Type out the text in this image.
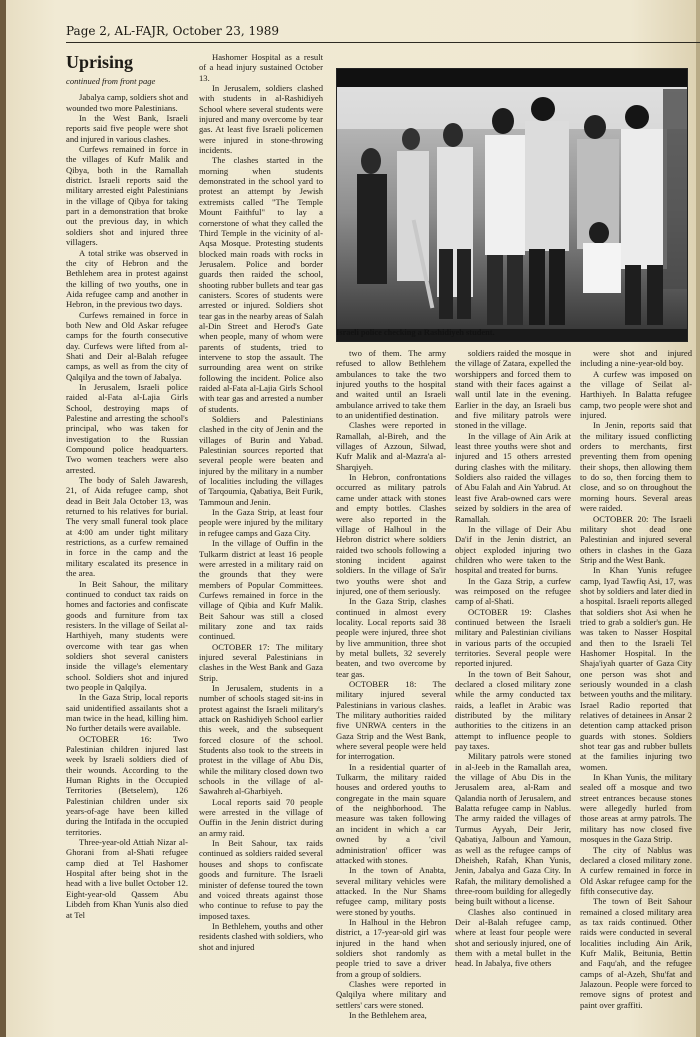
Page 2, AL-FAJR, October 23, 1989
Uprising
continued from front page

Jabalya camp, soldiers shot and wounded two more Palestinians.

In the West Bank, Israeli reports said five people were shot and injured in various clashes.

Curfews remained in force in the villages of Kufr Malik and Qibya, both in the Ramallah district. Israeli reports said the military arrested eight Palestinians in the village of Qibya for taking part in a demonstration that broke out the previous day, in which soldiers shot and injured three villagers.

A total strike was observed in the city of Hebron and the Bethlehem area in protest against the killing of two youths, one in Aida refugee camp and another in Hebron, in the previous two days.

Curfews remained in force in both New and Old Askar refugee camps for the fourth consecutive day. Curfews were lifted from al-Shati and Deir al-Balah refugee camps, as well as from the city of Qalqilya and the town of Jabalya.

In Jerusalem, Israeli police raided al-Fata al-Lajia Girls School, destroying maps of Palestine and arresting the school's principal, who was taken for investigation to the Russian Compound police headquarters. Two women teachers were also arrested.

The body of Saleh Jawaresh, 21, of Aida refugee camp, shot dead in Beit Jala October 13, was returned to his relatives for burial. The very small funeral took place at 4:00 am under tight military restrictions, as a curfew remained in force in the camp and the military escalated its presence in the area.

In Beit Sahour, the military continued to conduct tax raids on homes and factories and confiscate goods and furniture from tax resisters. In the village of Seilat al-Harthiyeh, many students were overcome with tear gas when soldiers shot several canisters inside the village's elementary school. Soldiers shot and injured two people in Qalqilya.

In the Gaza Strip, local reports said unidentified assailants shot a man twice in the head, killing him. No further details were available.

OCTOBER 16: Two Palestinian children injured last week by Israeli soldiers died of their wounds. According to the Human Rights in the Occupied Territories (Betselem), 126 Palestinian children under six years-of-age have been killed during the Intifada in the occupied territories.

Three-year-old Attiah Nizar al-Ghorani from al-Shati refugee camp died at Tel Hashomer Hospital after being shot in the head with a live bullet October 12. Eight-year-old Qassem Abu Libdeh from Khan Yunis also died at Tel

Hashomer Hospital as a result of a head injury sustained October 13.

In Jerusalem, soldiers clashed with students in al-Rashidiyeh School where several students were injured and many overcome by tear gas. At least five Israeli policemen were injured in stone-throwing incidents.

The clashes started in the morning when students demonstrated in the school yard to protest an attempt by Jewish extremists called "The Temple Mount Faithful" to lay a cornerstone of what they called the Third Temple in the vicinity of al-Aqsa Mosque. Protesting students blocked main roads with rocks in Jerusalem. Police and border guards then raided the school, shooting rubber bullets and tear gas canisters. Scores of students were arrested or injured. Soldiers shot tear gas in the nearby areas of Salah al-Din Street and Herod's Gate when people, many of whom were parents of students, tried to intervene to stop the assault. The surrounding area went on strike following the incident. Police also raided al-Fata al-Lajia Girls School with tear gas and arrested a number of students.

Soldiers and Palestinians clashed in the city of Jenin and the villages of Burin and Yabad. Palestinian sources reported that several people were beaten and injured by the military in a number of localities including the villages of Tarqoumia, Qabatiya, Beit Furik, Tammoun and Jenin.

In the Gaza Strip, at least four people were injured by the military in refugee camps and Gaza City.

In the village of Ouffin in the Tulkarm district at least 16 people were arrested in a military raid on the grounds that they were members of Popular Committees. Curfews remained in force in the village of Qibia and Kufr Malik. Beit Sahour was still a closed military zone and tax raids continued.

OCTOBER 17: The military injured several Palestinians in clashes in the West Bank and Gaza Strip.

In Jerusalem, students in a number of schools staged sit-ins in protest against the Israeli military's attack on Rashidiyeh School earlier this week, and the subsequent forced closure of the school. Students also took to the streets in protest in the village of Abu Dis, while the military closed down two schools in the village of al-Sawahreh al-Gharbiyeh.

Local reports said 70 people were arrested in the village of Ouffin in the Jenin district during an army raid.

In Beit Sahour, tax raids continued as soldiers raided several houses and shops to confiscate goods and furniture. The Israeli minister of defense toured the town and voiced threats against those who continue to refuse to pay the imposed taxes.

In Bethlehem, youths and other residents clashed with soldiers, who shot and injured

Israeli police checking a Rashidiyeh student.

two of them. The army refused to allow Bethlehem ambulances to take the two injured youths to the hospital and waited until an Israeli ambulance arrived to take them to an unidentified destination.

Clashes were reported in Ramallah, al-Bireh, and the villages of Azzoun, Silwad, Kufr Malik and al-Mazra'a al-Sharqiyeh.

In Hebron, confrontations occurred as military patrols came under attack with stones and empty bottles. Clashes were also reported in the village of Halhoul in the Hebron district where soldiers raided two schools following a stoning incident against soldiers. In the village of Sa'ir two youths were shot and injured, one of them seriously.

In the Gaza Strip, clashes continued in almost every locality. Local reports said 38 people were injured, three shot by live ammunition, three shot by metal bullets, 32 severely beaten, and two overcome by tear gas.

OCTOBER 18: The military injured several Palestinians in various clashes. The military authorities raided five UNRWA centers in the Gaza Strip and the West Bank, where several people were held for interrogation.

In a residential quarter of Tulkarm, the military raided houses and ordered youths to congregate in the main square of the neighborhood. The measure was taken following an incident in which a car owned by a 'civil administration' officer was attacked with stones.

In the town of Anabta, several military vehicles were attacked. In the Nur Shams refugee camp, military posts were stoned by youths.

In Halhoul in the Hebron district, a 17-year-old girl was injured in the hand when soldiers shot randomly as people tried to save a driver from a group of soldiers.

Clashes were reported in Qalqilya where military and settlers' cars were stoned.

In the Bethlehem area,

soldiers raided the mosque in the village of Zatara, expelled the worshippers and forced them to stand with their faces against a wall until late in the evening. Earlier in the day, an Israeli bus and five military patrols were stoned in the village.

In the village of Ain Arik at least three youths were shot and injured and 15 others arrested during clashes with the military. Soldiers also raided the villages of Abu Falah and Ain Yabrud. At least five Arab-owned cars were seized by soldiers in the area of Ramallah.

In the village of Deir Abu Da'if in the Jenin district, an object exploded injuring two children who were taken to the hospital and treated for burns.

In the Gaza Strip, a curfew was reimposed on the refugee camp of al-Shati.

OCTOBER 19: Clashes continued between the Israeli military and Palestinian civilians in various parts of the occupied territories. Several people were reported injured.

In the town of Beit Sahour, declared a closed military zone while the army conducted tax raids, a leaflet in Arabic was distributed by the military authorities to the citizens in an attempt to influence people to pay taxes.

Military patrols were stoned in al-Jeeb in the Ramallah area, the village of Abu Dis in the Jerusalem area, al-Ram and Qalandia north of Jerusalem, and Balatta refugee camp in Nablus. The army raided the villages of Turmus Ayyah, Deir Jerir, Qabatiya, Jalboun and Yamoun, as well as the refugee camps of Dheisheh, Rafah, Khan Yunis, Jenin, Jabalya and Gaza City. In Rafah, the military demolished a three-room building for allegedly being built without a license.

Clashes also continued in Deir al-Balah refugee camp, where at least four people were shot and seriously injured, one of them with a metal bullet in the head. In Jabalya, five others

were shot and injured including a nine-year-old boy.

A curfew was imposed on the village of Seilat al-Harthiyeh. In Balatta refugee camp, two people were shot and injured.

In Jenin, reports said that the military issued conflicting orders to merchants, first preventing them from opening their shops, then allowing them to do so, then forcing them to close, and so on throughout the morning hours. Several areas were raided.

OCTOBER 20: The Israeli military shot dead one Palestinian and injured several others in clashes in the Gaza Strip and the West Bank.

In Khan Yunis refugee camp, Iyad Tawfiq Asi, 17, was shot by soldiers and later died in a hospital. Israeli reports alleged that soldiers shot Asi when he tried to grab a soldier's gun. He was taken to Nasser Hospital and then to the Israeli Tel Hashomer Hospital. In the Shaja'iyah quarter of Gaza City one person was shot and seriously wounded in a clash between youths and the military. Israel Radio reported that relatives of detainees in Ansar 2 detention camp attacked prison guards with stones. Soldiers shot tear gas and rubber bullets at the families injuring two women.

In Khan Yunis, the military sealed off a mosque and two street entrances because stones were allegedly hurled from those areas at army patrols. The military has now closed five mosques in the Gaza Strip.

The city of Nablus was declared a closed military zone. A curfew remained in force in Old Askar refugee camp for the fifth consecutive day.

The town of Beit Sahour remained a closed military area as tax raids continued. Other raids were conducted in several localities including Ain Arik, Kufr Malik, Beitunia, Bettin and Faqu'ah, and the refugee camps of al-Azeh, Shu'fat and Jalazoun. People were forced to remove signs of protest and paint over graffiti.
